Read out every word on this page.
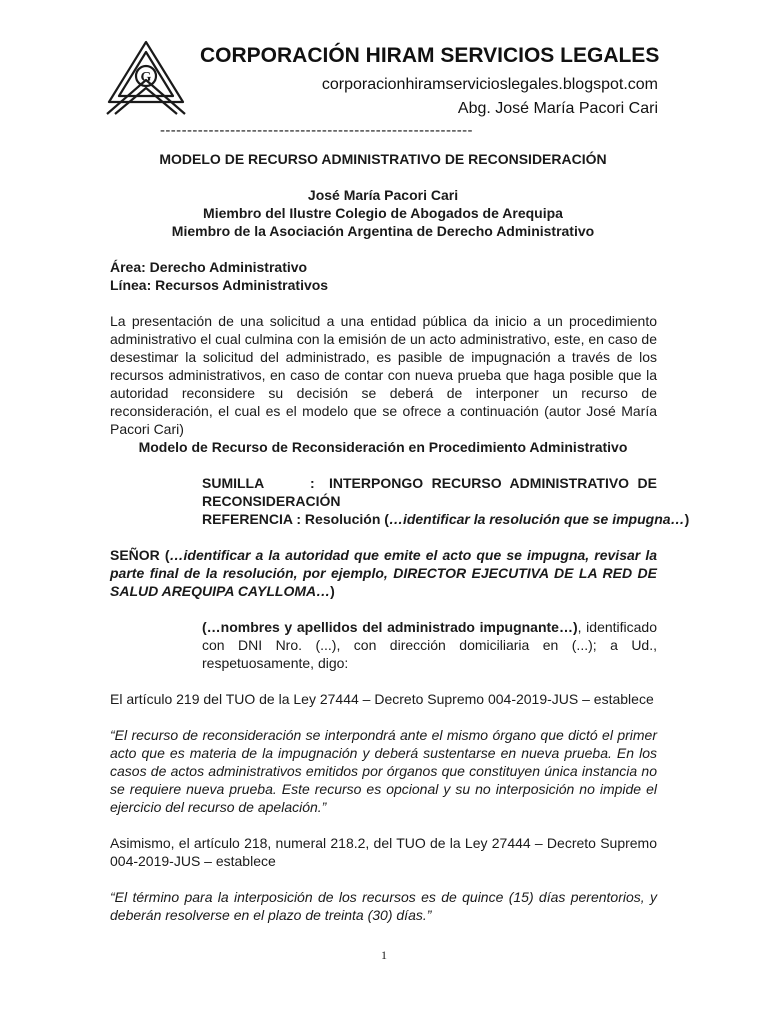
G
CORPORACIÓN HIRAM SERVICIOS LEGALES
corporacionhiramservicioslegales.blogspot.com
Abg. José María Pacori Cari
----------------------------------------------------------
MODELO DE RECURSO ADMINISTRATIVO DE RECONSIDERACIÓN
José María Pacori Cari
Miembro del Ilustre Colegio de Abogados de Arequipa
Miembro de la Asociación Argentina de Derecho Administrativo
Área: Derecho Administrativo
Línea: Recursos Administrativos
La presentación de una solicitud a una entidad pública da inicio a un procedimiento administrativo el cual culmina con la emisión de un acto administrativo, este, en caso de desestimar la solicitud del administrado, es pasible de impugnación a través de los recursos administrativos, en caso de contar con nueva prueba que haga posible que la autoridad reconsidere su decisión se deberá de interponer un recurso de reconsideración, el cual es el modelo que se ofrece a continuación (autor José María Pacori Cari)
Modelo de Recurso de Reconsideración en Procedimiento Administrativo
SUMILLA	: INTERPONGO RECURSO ADMINISTRATIVO DE
RECONSIDERACIÓN
REFERENCIA : Resolución (…identificar la resolución que se impugna…)
SEÑOR (…identificar a la autoridad que emite el acto que se impugna, revisar la parte final de la resolución, por ejemplo, DIRECTOR EJECUTIVA DE LA RED DE SALUD AREQUIPA CAYLLOMA…)
(…nombres y apellidos del administrado impugnante…), identificado con DNI Nro. (...), con dirección domiciliaria en (...); a Ud., respetuosamente, digo:
El artículo 219 del TUO de la Ley 27444 – Decreto Supremo 004-2019-JUS – establece
“El recurso de reconsideración se interpondrá ante el mismo órgano que dictó el primer acto que es materia de la impugnación y deberá sustentarse en nueva prueba. En los casos de actos administrativos emitidos por órganos que constituyen única instancia no se requiere nueva prueba. Este recurso es opcional y su no interposición no impide el ejercicio del recurso de apelación.”
Asimismo, el artículo 218, numeral 218.2, del TUO de la Ley 27444 – Decreto Supremo 004-2019-JUS – establece
“El término para la interposición de los recursos es de quince (15) días perentorios, y deberán resolverse en el plazo de treinta (30) días.”
1
